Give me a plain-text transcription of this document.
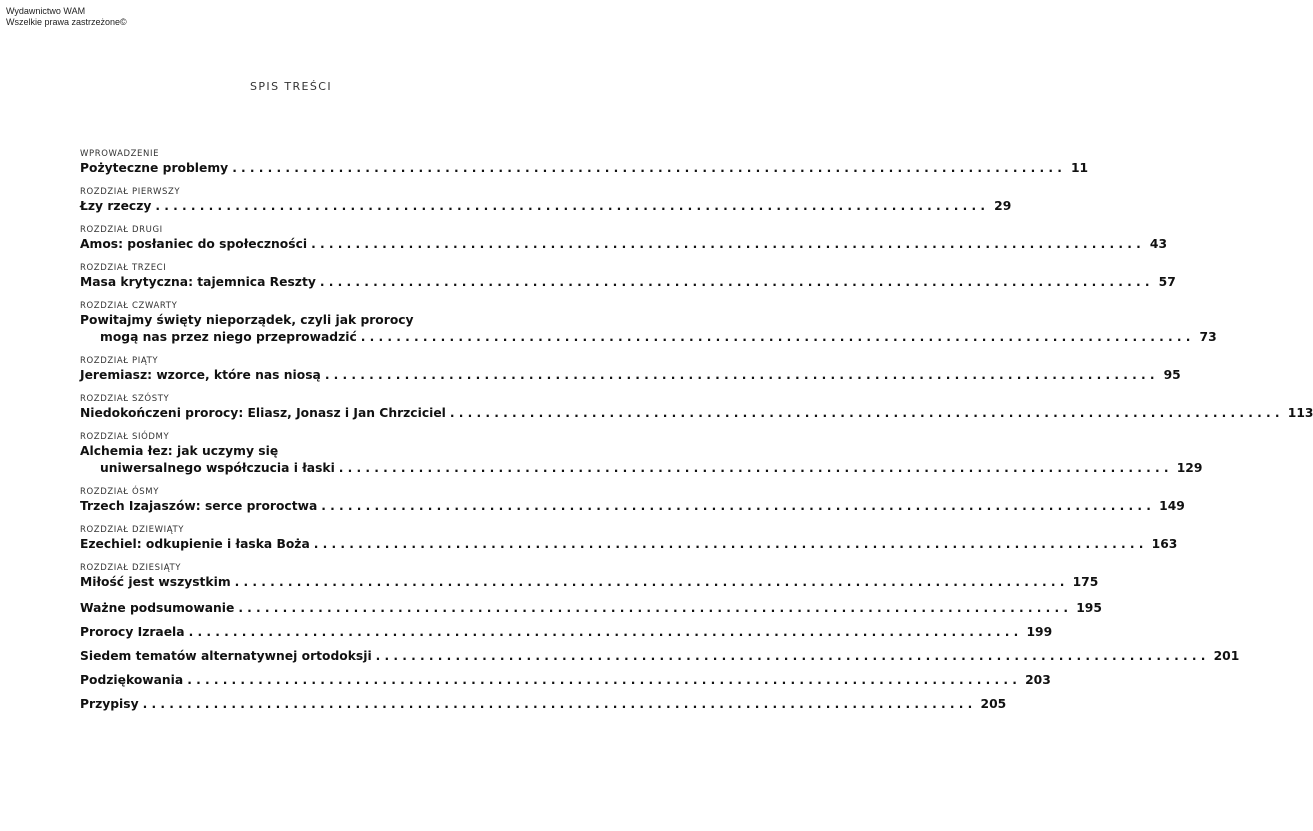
Wydawnictwo WAM
Wszelkie prawa zastrzeżone©
SPIS TREŚCI
WPROWADZENIE
Pożyteczne problemy .............................................................................................. 11
ROZDZIAŁ PIERWSZY
Łzy rzeczy .............................................................................................. 29
ROZDZIAŁ DRUGI
Amos: posłaniec do społeczności .............................................................................................. 43
ROZDZIAŁ TRZECI
Masa krytyczna: tajemnica Reszty .............................................................................................. 57
ROZDZIAŁ CZWARTY
Powitajmy święty nieporządek, czyli jak prorocy
mogą nas przez niego przeprowadzić .............................................................................................. 73
ROZDZIAŁ PIĄTY
Jeremiasz: wzorce, które nas niosą .............................................................................................. 95
ROZDZIAŁ SZÓSTY
Niedokończeni prorocy: Eliasz, Jonasz i Jan Chrzciciel .............................................................................................. 113
ROZDZIAŁ SIÓDMY
Alchemia łez: jak uczymy się
uniwersalnego współczucia i łaski .............................................................................................. 129
ROZDZIAŁ ÓSMY
Trzech Izajaszów: serce proroctwa .............................................................................................. 149
ROZDZIAŁ DZIEWIĄTY
Ezechiel: odkupienie i łaska Boża .............................................................................................. 163
ROZDZIAŁ DZIESIĄTY
Miłość jest wszystkim .............................................................................................. 175
Ważne podsumowanie .............................................................................................. 195
Prorocy Izraela .............................................................................................. 199
Siedem tematów alternatywnej ortodoksji .............................................................................................. 201
Podziękowania .............................................................................................. 203
Przypisy .............................................................................................. 205
